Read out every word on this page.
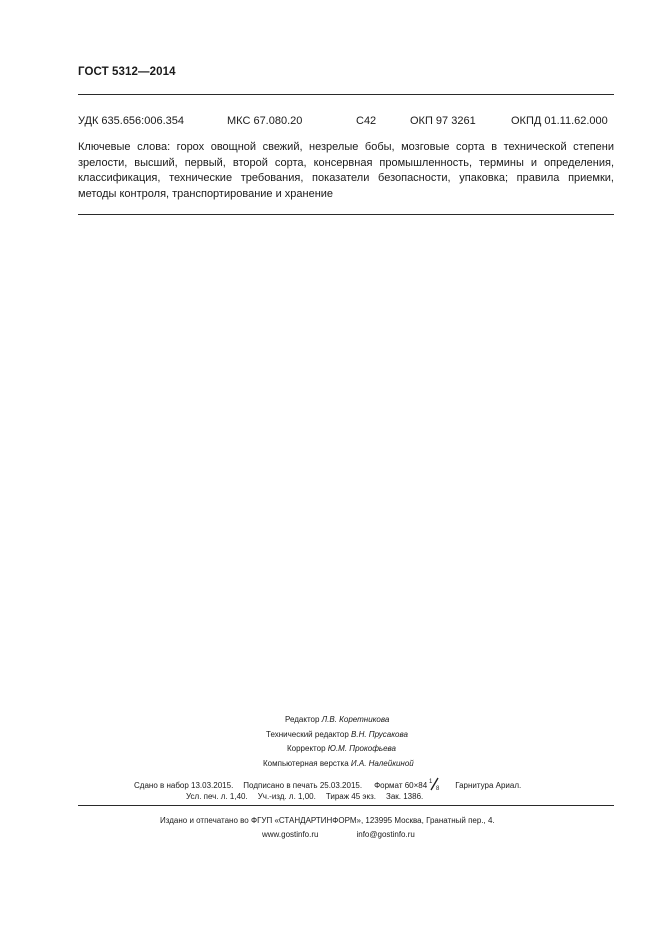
ГОСТ 5312—2014
УДК 635.656:006.354	МКС 67.080.20	С42	ОКП 97 3261	ОКПД 01.11.62.000
Ключевые слова: горох овощной свежий, незрелые бобы, мозговые сорта в технической степени зрелости, высший, первый, второй сорта, консервная промышленность, термины и определения, классификация, технические требования, показатели безопасности, упаковка; правила приемки, методы контроля, транспортирование и хранение
Редактор Л.В. Коретникова
Технический редактор В.Н. Прусакова
Корректор Ю.М. Прокофьева
Компьютерная верстка И.А. Налейкиной
Сдано в набор 13.03.2015. Подписано в печать 25.03.2015. Формат 60×84 1
8 Гарнитура Ариал.
Усл. печ. л. 1,40. Уч.-изд. л. 1,00. Тираж 45 экз. Зак. 1386.
Издано и отпечатано во ФГУП «СТАНДАРТИНФОРМ», 123995 Москва, Гранатный пер., 4.
www.gostinfo.ru	info@gostinfo.ru
